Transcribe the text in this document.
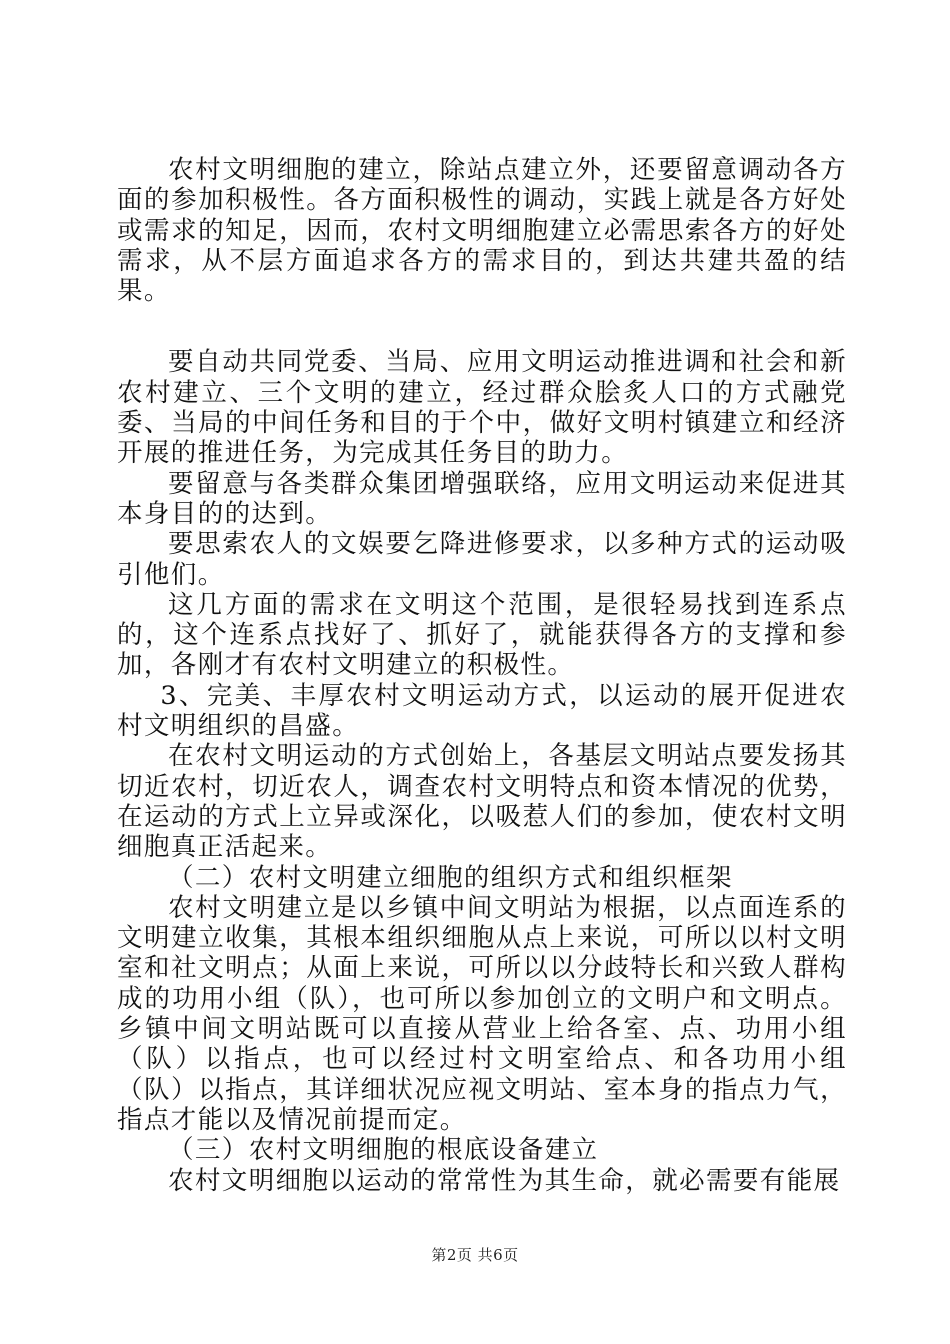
农村文明细胞的建立，除站点建立外，还要留意调动各方面的参加积极性。各方面积极性的调动，实践上就是各方好处或需求的知足，因而，农村文明细胞建立必需思索各方的好处需求，从不层方面追求各方的需求目的，到达共建共盈的结果。

要自动共同党委、当局、应用文明运动推进调和社会和新农村建立、三个文明的建立，经过群众脍炙人口的方式融党委、当局的中间任务和目的于个中，做好文明村镇建立和经济开展的推进任务，为完成其任务目的助力。

要留意与各类群众集团增强联络，应用文明运动来促进其本身目的的达到。

要思索农人的文娱要乞降进修要求，以多种方式的运动吸引他们。

这几方面的需求在文明这个范围，是很轻易找到连系点的，这个连系点找好了、抓好了，就能获得各方的支撑和参加，各刚才有农村文明建立的积极性。

3、完美、丰厚农村文明运动方式，以运动的展开促进农村文明组织的昌盛。

在农村文明运动的方式创始上，各基层文明站点要发扬其切近农村，切近农人，调查农村文明特点和资本情况的优势，在运动的方式上立异或深化，以吸惹人们的参加，使农村文明细胞真正活起来。

（二）农村文明建立细胞的组织方式和组织框架

农村文明建立是以乡镇中间文明站为根据，以点面连系的文明建立收集，其根本组织细胞从点上来说，可所以以村文明室和社文明点；从面上来说，可所以以分歧特长和兴致人群构成的功用小组（队），也可所以参加创立的文明户和文明点。乡镇中间文明站既可以直接从营业上给各室、点、功用小组（队）以指点，也可以经过村文明室给点、和各功用小组（队）以指点，其详细状况应视文明站、室本身的指点力气，指点才能以及情况前提而定。

（三）农村文明细胞的根底设备建立

农村文明细胞以运动的常常性为其生命，就必需要有能展

第2页 共6页
